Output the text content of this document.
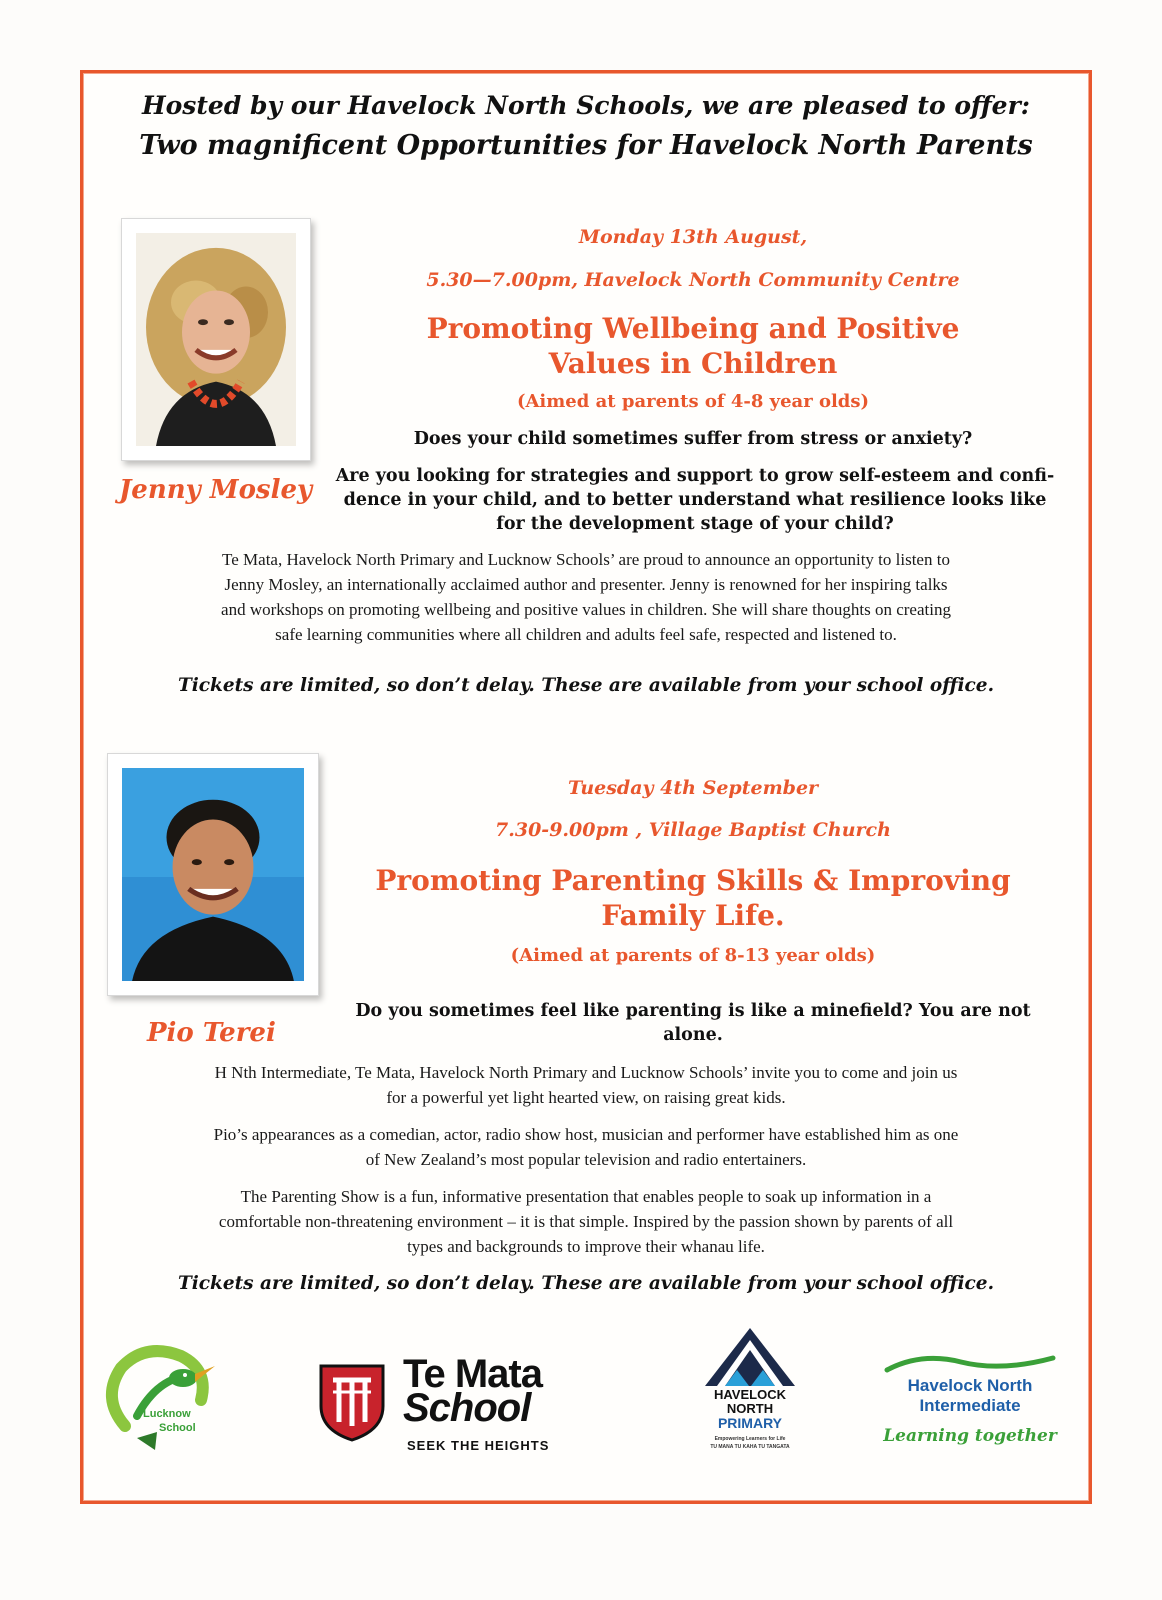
Hosted by our Havelock North Schools, we are pleased to offer:
Two magnificent Opportunities for Havelock North Parents
Jenny Mosley
Monday 13th August,
5.30—7.00pm, Havelock North Community Centre
Promoting Wellbeing and Positive
Values in Children
(Aimed at parents of 4-8 year olds)
Does your child sometimes suffer from stress or anxiety?
Are you looking for strategies and support to grow self-esteem and confi-
dence in your child, and to better understand what resilience looks like
for the development stage of your child?
Te Mata, Havelock North Primary and Lucknow Schools’ are proud to announce an opportunity to listen to
Jenny Mosley, an internationally acclaimed author and presenter. Jenny is renowned for her inspiring talks
and workshops on promoting wellbeing and positive values in children. She will share thoughts on creating
safe learning communities where all children and adults feel safe, respected and listened to.
Tickets are limited, so don’t delay. These are available from your school office.
Pio Terei
Tuesday 4th September
7.30-9.00pm , Village Baptist Church
Promoting Parenting Skills & Improving
Family Life.
(Aimed at parents of 8-13 year olds)
Do you sometimes feel like parenting is like a minefield? You are not
alone.
H Nth Intermediate, Te Mata, Havelock North Primary and Lucknow Schools’ invite you to come and join us
for a powerful yet light hearted view, on raising great kids.
Pio’s appearances as a comedian, actor, radio show host, musician and performer have established him as one
of New Zealand’s most popular television and radio entertainers.
The Parenting Show is a fun, informative presentation that enables people to soak up information in a
comfortable non-threatening environment – it is that simple. Inspired by the passion shown by parents of all
types and backgrounds to improve their whanau life.
Tickets are limited, so don’t delay. These are available from your school office.
Lucknow
School
Te Mata
School
SEEK THE HEIGHTS
HAVELOCK
NORTH
PRIMARY
Empowering Learners for Life
TU MANA TU KAHA TU TANGATA
Havelock North
Intermediate
Learning together
